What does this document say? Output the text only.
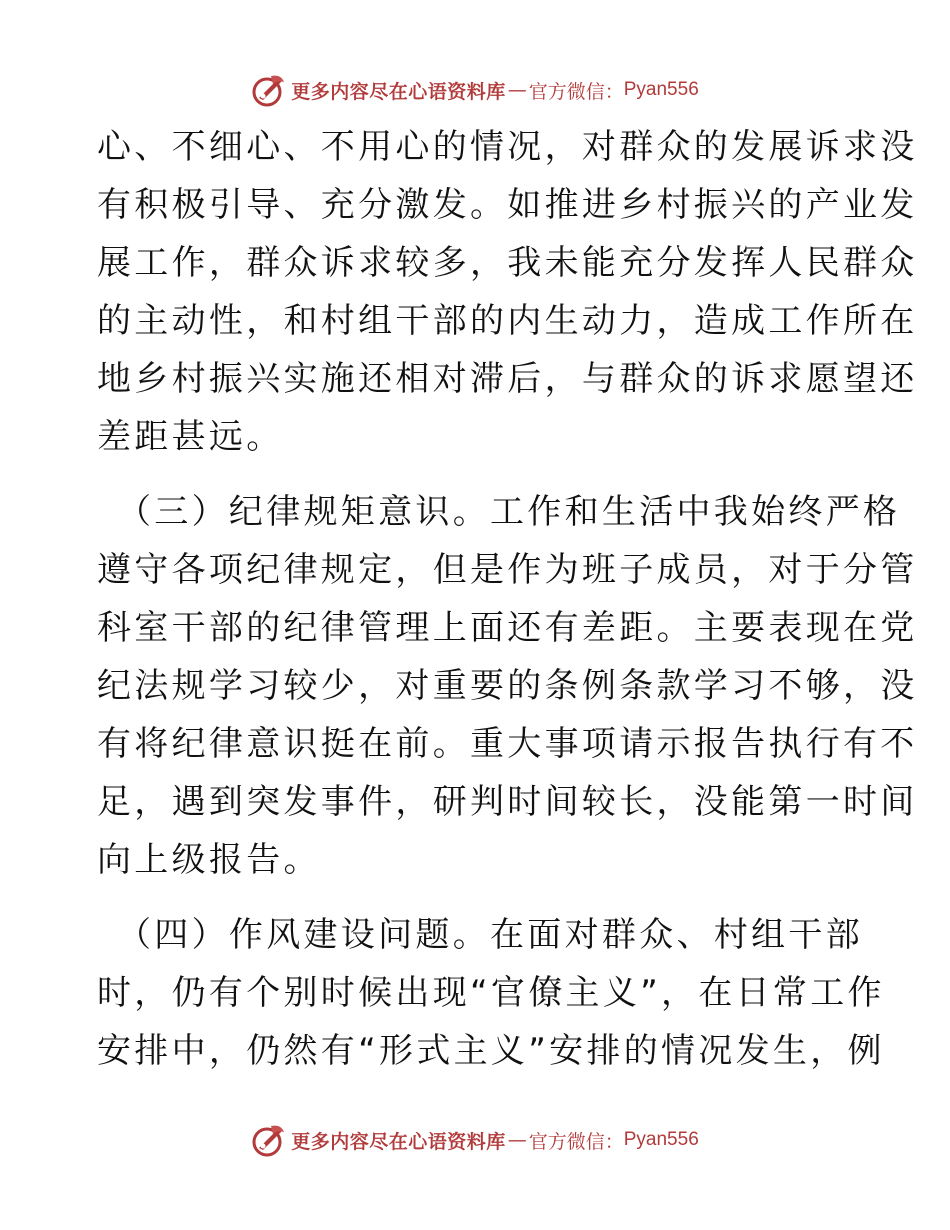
更多内容尽在心语资料库 — 官方微信： Pyan556
心、不细心、不用心的情况，对群众的发展诉求没
有积极引导、充分激发。如推进乡村振兴的产业发
展工作，群众诉求较多，我未能充分发挥人民群众
的主动性，和村组干部的内生动力，造成工作所在
地乡村振兴实施还相对滞后，与群众的诉求愿望还
差距甚远。
（三）纪律规矩意识。工作和生活中我始终严格
遵守各项纪律规定，但是作为班子成员，对于分管
科室干部的纪律管理上面还有差距。主要表现在党
纪法规学习较少，对重要的条例条款学习不够，没
有将纪律意识挺在前。重大事项请示报告执行有不
足，遇到突发事件，研判时间较长，没能第一时间
向上级报告。
（四）作风建设问题。在面对群众、村组干部
时，仍有个别时候出现“官僚主义”，在日常工作
安排中，仍然有“形式主义”安排的情况发生，例
更多内容尽在心语资料库 — 官方微信： Pyan556
